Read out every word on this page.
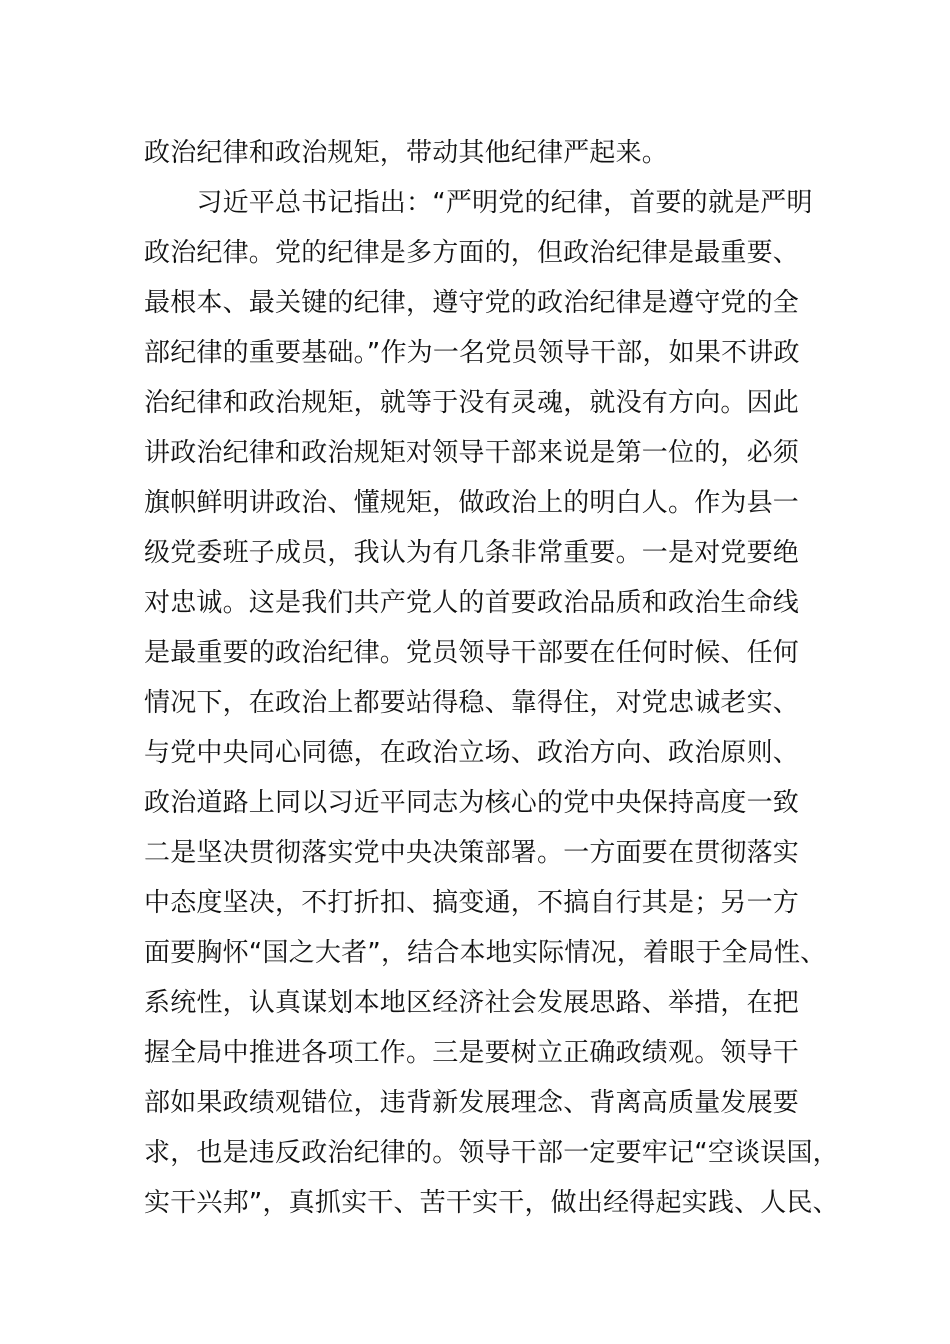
政治纪律和政治规矩，带动其他纪律严起来。
　　习近平总书记指出：“严明党的纪律，首要的就是严明
政治纪律。党的纪律是多方面的，但政治纪律是最重要、
最根本、最关键的纪律，遵守党的政治纪律是遵守党的全
部纪律的重要基础。”作为一名党员领导干部，如果不讲政
治纪律和政治规矩，就等于没有灵魂，就没有方向。因此
讲政治纪律和政治规矩对领导干部来说是第一位的，必须
旗帜鲜明讲政治、懂规矩，做政治上的明白人。作为县一
级党委班子成员，我认为有几条非常重要。一是对党要绝
对忠诚。这是我们共产党人的首要政治品质和政治生命线
是最重要的政治纪律。党员领导干部要在任何时候、任何
情况下，在政治上都要站得稳、靠得住，对党忠诚老实、
与党中央同心同德，在政治立场、政治方向、政治原则、
政治道路上同以习近平同志为核心的党中央保持高度一致
二是坚决贯彻落实党中央决策部署。一方面要在贯彻落实
中态度坚决，不打折扣、搞变通，不搞自行其是；另一方
面要胸怀“国之大者”，结合本地实际情况，着眼于全局性、
系统性，认真谋划本地区经济社会发展思路、举措，在把
握全局中推进各项工作。三是要树立正确政绩观。领导干
部如果政绩观错位，违背新发展理念、背离高质量发展要
求，也是违反政治纪律的。领导干部一定要牢记“空谈误国，
实干兴邦”，真抓实干、苦干实干，做出经得起实践、人民、
